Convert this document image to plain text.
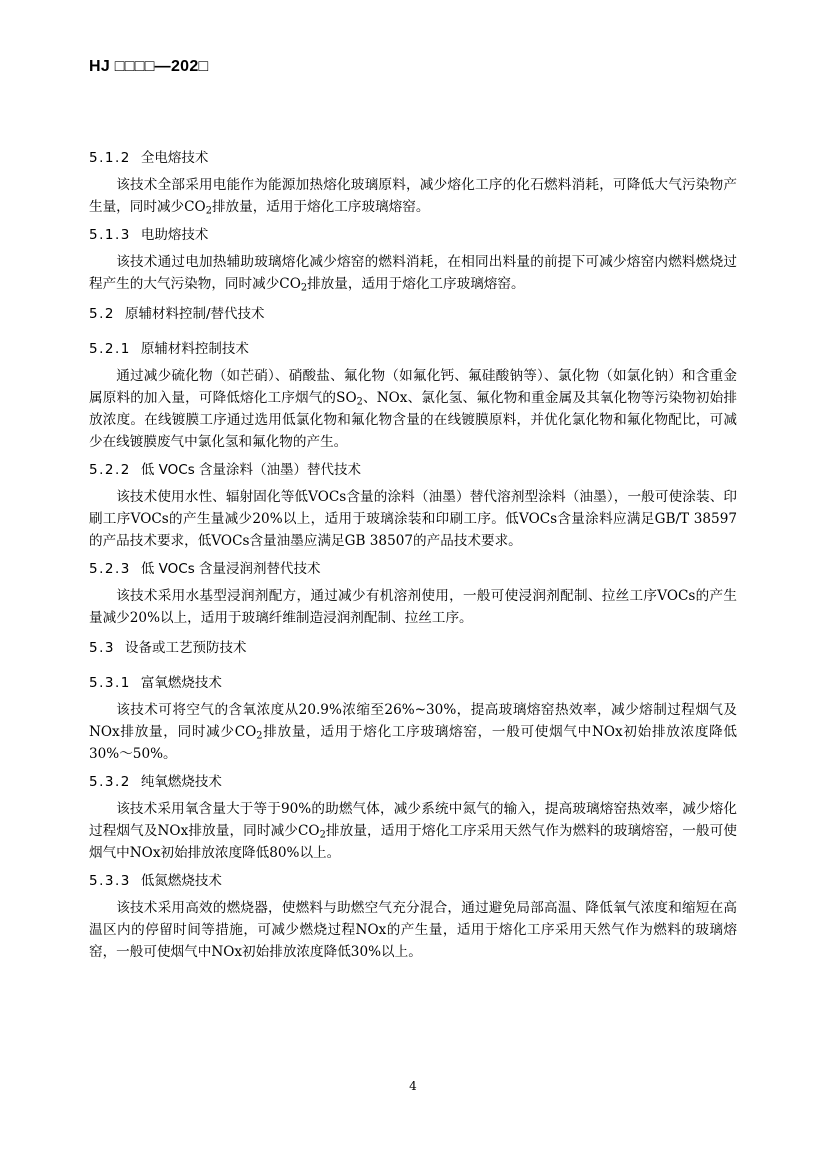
HJ □□□□—202□
5.1.2 全电熔技术

该技术全部采用电能作为能源加热熔化玻璃原料，减少熔化工序的化石燃料消耗，可降低大气污染物产生量，同时减少$CO_2$排放量，适用于熔化工序玻璃熔窑。

5.1.3 电助熔技术

该技术通过电加热辅助玻璃熔化减少熔窑的燃料消耗，在相同出料量的前提下可减少熔窑内燃料燃烧过程产生的大气污染物，同时减少$CO_2$排放量，适用于熔化工序玻璃熔窑。

5.2 原辅材料控制/替代技术
5.2.1 原辅材料控制技术

通过减少硫化物（如芒硝）、硝酸盐、氟化物（如氟化钙、氟硅酸钠等）、氯化物（如氯化钠）和含重金属原料的加入量，可降低熔化工序烟气的$SO_2$、NOx、氯化氢、氟化物和重金属及其氧化物等污染物初始排放浓度。在线镀膜工序通过选用低氯化物和氟化物含量的在线镀膜原料，并优化氯化物和氟化物配比，可减少在线镀膜废气中氯化氢和氟化物的产生。

5.2.2 低 VOCs 含量涂料（油墨）替代技术

该技术使用水性、辐射固化等低VOCs含量的涂料（油墨）替代溶剂型涂料（油墨），一般可使涂装、印刷工序VOCs的产生量减少20%以上，适用于玻璃涂装和印刷工序。低VOCs含量涂料应满足GB/T 38597的产品技术要求，低VOCs含量油墨应满足GB 38507的产品技术要求。

5.2.3 低 VOCs 含量浸润剂替代技术

该技术采用水基型浸润剂配方，通过减少有机溶剂使用，一般可使浸润剂配制、拉丝工序VOCs的产生量减少20%以上，适用于玻璃纤维制造浸润剂配制、拉丝工序。

5.3 设备或工艺预防技术
5.3.1 富氧燃烧技术

该技术可将空气的含氧浓度从20.9%浓缩至26%~30%，提高玻璃熔窑热效率，减少熔制过程烟气及NOx排放量，同时减少$CO_2$排放量，适用于熔化工序玻璃熔窑，一般可使烟气中NOx初始排放浓度降低30%～50%。

5.3.2 纯氧燃烧技术

该技术采用氧含量大于等于90%的助燃气体，减少系统中氮气的输入，提高玻璃熔窑热效率，减少熔化过程烟气及NOx排放量，同时减少$CO_2$排放量，适用于熔化工序采用天然气作为燃料的玻璃熔窑，一般可使烟气中NOx初始排放浓度降低80%以上。

5.3.3 低氮燃烧技术

该技术采用高效的燃烧器，使燃料与助燃空气充分混合，通过避免局部高温、降低氧气浓度和缩短在高温区内的停留时间等措施，可减少燃烧过程NOx的产生量，适用于熔化工序采用天然气作为燃料的玻璃熔窑，一般可使烟气中NOx初始排放浓度降低30%以上。

4
